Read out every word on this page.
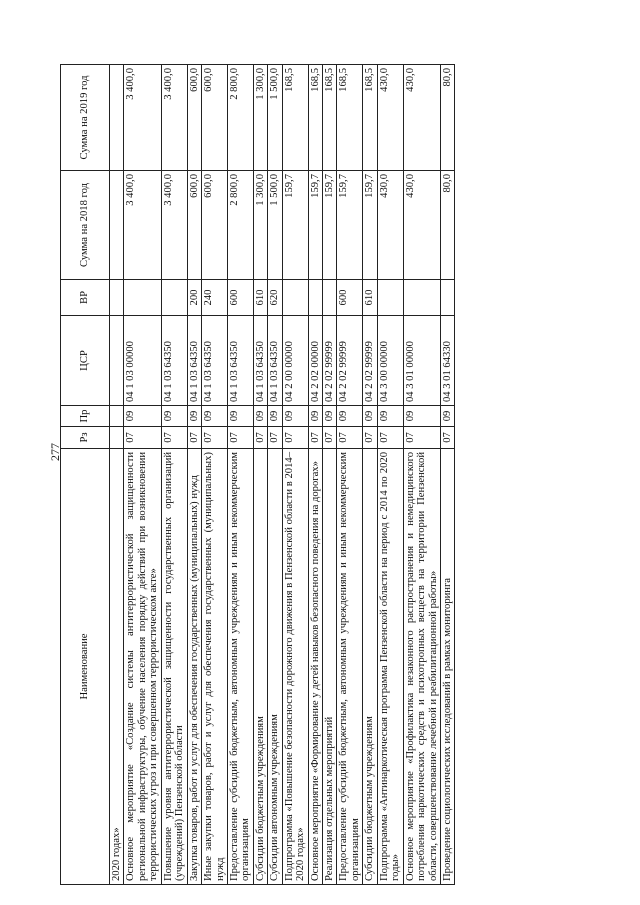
277
Наименование	Рз	Пр	ЦСР	ВР	Сумма на 2018 год	Сумма на 2019 год
2020 годах»						
Основное мероприятие «Создание системы антитеррористической защищенности региональной инфраструктуры, обучение населения порядку действий при возникновении террористических угроз и при совершенном террористическом акте»	07	09	04 1 03 00000		3 400,0	3 400,0
Повышение уровня антитеррористической защищенности государственных организаций (учреждений) Пензенской области	07	09	04 1 03 64350		3 400,0	3 400,0
Закупка товаров, работ и услуг для обеспечения государственных (муниципальных) нужд	07	09	04 1 03 64350	200	600,0	600,0
Иные закупки товаров, работ и услуг для обеспечения государственных (муниципальных) нужд	07	09	04 1 03 64350	240	600,0	600,0
Предоставление субсидий бюджетным, автономным учреждениям и иным некоммерческим организациям	07	09	04 1 03 64350	600	2 800,0	2 800,0
Субсидии бюджетным учреждениям	07	09	04 1 03 64350	610	1 300,0	1 300,0
Субсидии автономным учреждениям	07	09	04 1 03 64350	620	1 500,0	1 500,0
Подпрограмма «Повышение безопасности дорожного движения в Пензенской области в 2014–2020 годах»	07	09	04 2 00 00000		159,7	168,5
Основное мероприятие «Формирование у детей навыков безопасного поведения на дорогах»	07	09	04 2 02 00000		159,7	168,5
Реализация отдельных мероприятий	07	09	04 2 02 99999		159,7	168,5
Предоставление субсидий бюджетным, автономным учреждениям и иным некоммерческим организациям	07	09	04 2 02 99999	600	159,7	168,5
Субсидии бюджетным учреждениям	07	09	04 2 02 99999	610	159,7	168,5
Подпрограмма «Антинаркотическая программа Пензенской области на период с 2014 по 2020 годы»	07	09	04 3 00 00000		430,0	430,0
Основное мероприятие «Профилактика незаконного распространения и немедицинского потребления наркотических средств и психотропных веществ на территории Пензенской области, совершенствование лечебной и реабилитационной работы»	07	09	04 3 01 00000		430,0	430,0
Проведение социологических исследований в рамках мониторинга	07	09	04 3 01 64330		80,0	80,0
